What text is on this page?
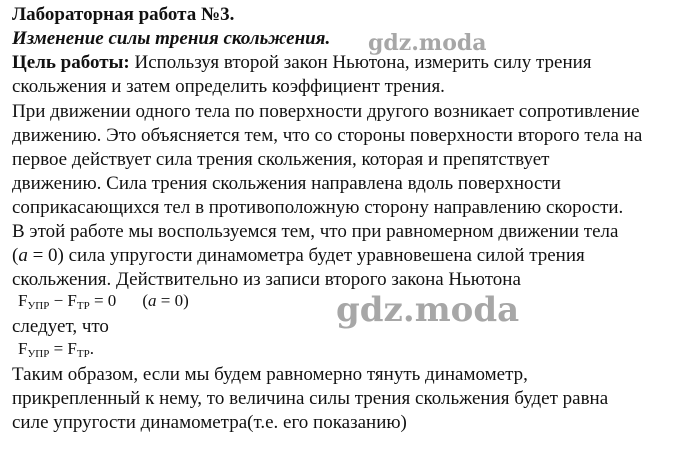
Лабораторная работа №3.
Изменение силы трения скольжения.
Цель работы: Используя второй закон Ньютона, измерить силу трения
скольжения и затем определить коэффициент трения.
При движении одного тела по поверхности другого возникает сопротивление
движению. Это объясняется тем, что со стороны поверхности второго тела на
первое действует сила трения скольжения, которая и препятствует
движению. Сила трения скольжения направлена вдоль поверхности
соприкасающихся тел в противоположную сторону направлению скорости.
В этой работе мы воспользуемся тем, что при равномерном движении тела
(a = 0) сила упругости динамометра будет уравновешена силой трения
скольжения. Действительно из записи второго закона Ньютона
FУПР − FТР = 0 (a = 0)
следует, что
FУПР = FТР.
Таким образом, если мы будем равномерно тянуть динамометр,
прикрепленный к нему, то величина силы трения скольжения будет равна
силе упругости динамометра(т.е. его показанию)
gdz.moda
gdz.moda
